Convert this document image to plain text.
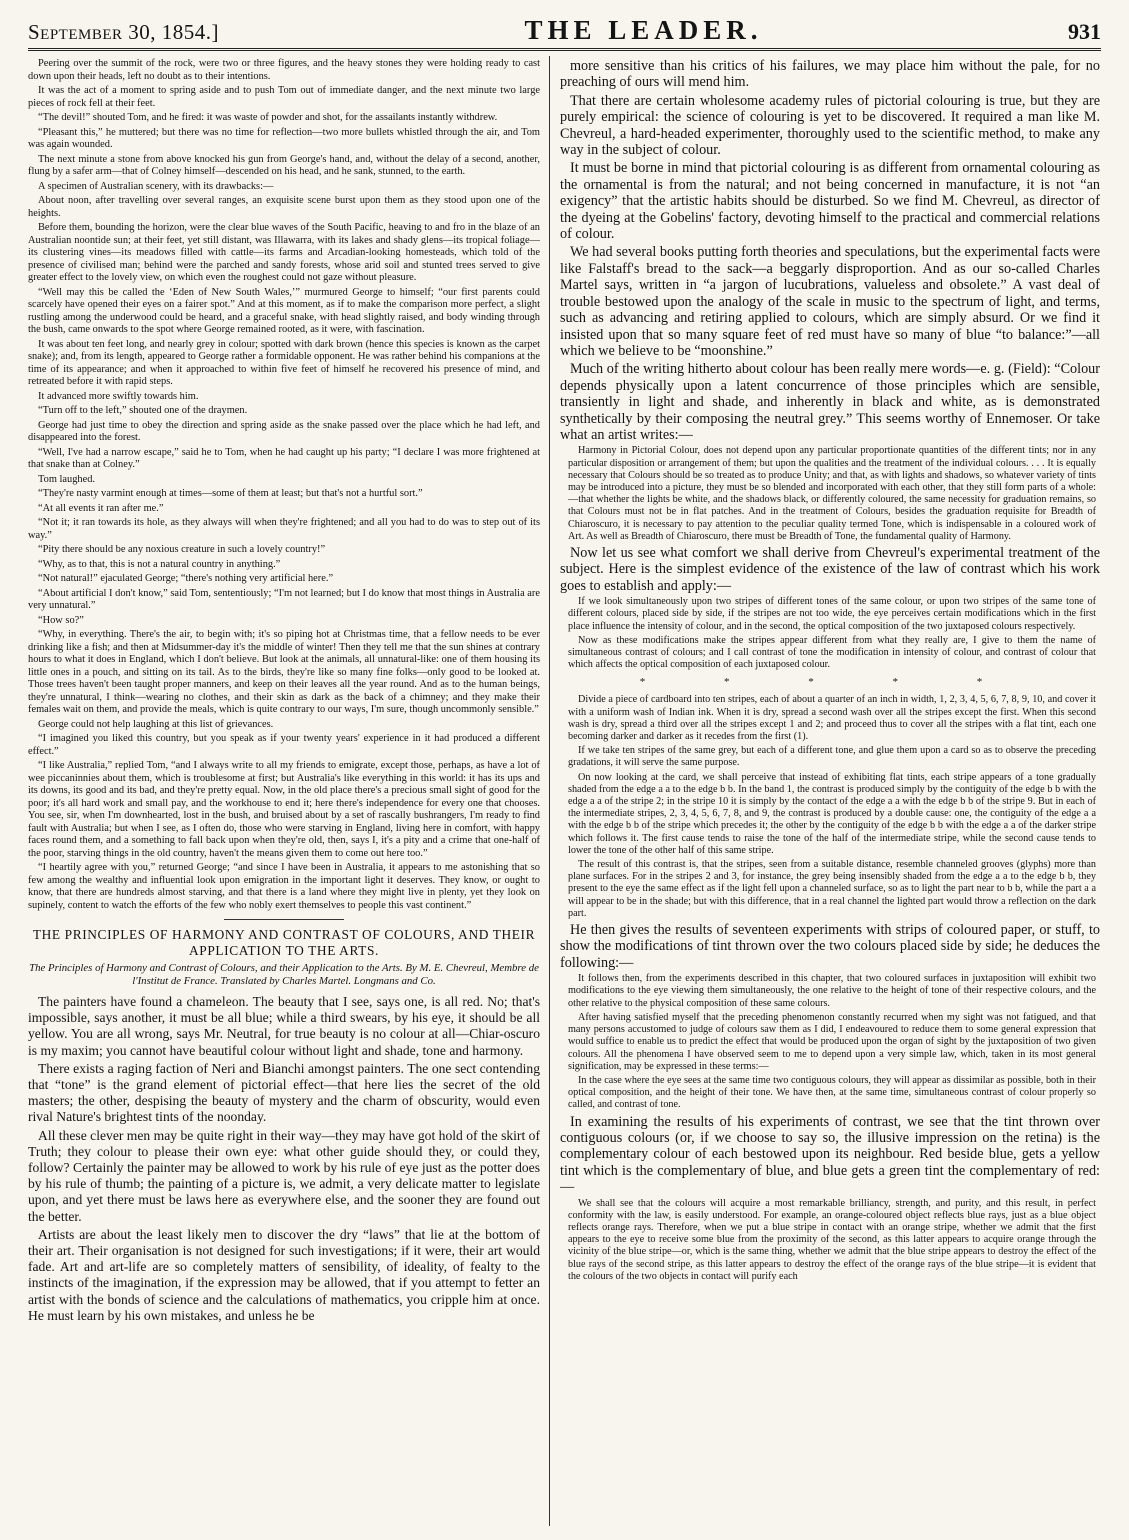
September 30, 1854.]	THE LEADER.	931

Peering over the summit of the rock, were two or three figures, and the heavy stones they were holding ready to cast down upon their heads, left no doubt as to their intentions.

It was the act of a moment to spring aside and to push Tom out of immediate danger, and the next minute two large pieces of rock fell at their feet.

“The devil!” shouted Tom, and he fired: it was waste of powder and shot, for the assailants instantly withdrew.

“Pleasant this,” he muttered; but there was no time for reflection—two more bullets whistled through the air, and Tom was again wounded.

The next minute a stone from above knocked his gun from George's hand, and, without the delay of a second, another, flung by a safer arm—that of Colney himself—descended on his head, and he sank, stunned, to the earth.

A specimen of Australian scenery, with its drawbacks:—

About noon, after travelling over several ranges, an exquisite scene burst upon them as they stood upon one of the heights.

Before them, bounding the horizon, were the clear blue waves of the South Pacific, heaving to and fro in the blaze of an Australian noontide sun; at their feet, yet still distant, was Illawarra, with its lakes and shady glens—its tropical foliage—its clustering vines—its meadows filled with cattle—its farms and Arcadian-looking homesteads, which told of the presence of civilised man; behind were the parched and sandy forests, whose arid soil and stunted trees served to give greater effect to the lovely view, on which even the roughest could not gaze without pleasure.

“Well may this be called the ‘Eden of New South Wales,’” murmured George to himself; “our first parents could scarcely have opened their eyes on a fairer spot.” And at this moment, as if to make the comparison more perfect, a slight rustling among the underwood could be heard, and a graceful snake, with head slightly raised, and body winding through the bush, came onwards to the spot where George remained rooted, as it were, with fascination.

It was about ten feet long, and nearly grey in colour; spotted with dark brown (hence this species is known as the carpet snake); and, from its length, appeared to George rather a formidable opponent. He was rather behind his companions at the time of its appearance; and when it approached to within five feet of himself he recovered his presence of mind, and retreated before it with rapid steps.

It advanced more swiftly towards him.

“Turn off to the left,” shouted one of the draymen.

George had just time to obey the direction and spring aside as the snake passed over the place which he had left, and disappeared into the forest.

“Well, I've had a narrow escape,” said he to Tom, when he had caught up his party; “I declare I was more frightened at that snake than at Colney.”

Tom laughed.

“They're nasty varmint enough at times—some of them at least; but that's not a hurtful sort.”

“At all events it ran after me.”

“Not it; it ran towards its hole, as they always will when they're frightened; and all you had to do was to step out of its way.”

“Pity there should be any noxious creature in such a lovely country!”

“Why, as to that, this is not a natural country in anything.”

“Not natural!” ejaculated George; “there's nothing very artificial here.”

“About artificial I don't know,” said Tom, sententiously; “I'm not learned; but I do know that most things in Australia are very unnatural.”

“How so?”

“Why, in everything. There's the air, to begin with; it's so piping hot at Christmas time, that a fellow needs to be ever drinking like a fish; and then at Midsummer-day it's the middle of winter! Then they tell me that the sun shines at contrary hours to what it does in England, which I don't believe. But look at the animals, all unnatural-like: one of them housing its little ones in a pouch, and sitting on its tail. As to the birds, they're like so many fine folks—only good to be looked at. Those trees haven't been taught proper manners, and keep on their leaves all the year round. And as to the human beings, they're unnatural, I think—wearing no clothes, and their skin as dark as the back of a chimney; and they make their females wait on them, and provide the meals, which is quite contrary to our ways, I'm sure, though uncommonly sensible.”

George could not help laughing at this list of grievances.

“I imagined you liked this country, but you speak as if your twenty years' experience in it had produced a different effect.”

“I like Australia,” replied Tom, “and I always write to all my friends to emigrate, except those, perhaps, as have a lot of wee piccaninnies about them, which is troublesome at first; but Australia's like everything in this world: it has its ups and its downs, its good and its bad, and they're pretty equal. Now, in the old place there's a precious small sight of good for the poor; it's all hard work and small pay, and the workhouse to end it; here there's independence for every one that chooses. You see, sir, when I'm downhearted, lost in the bush, and bruised about by a set of rascally bushrangers, I'm ready to find fault with Australia; but when I see, as I often do, those who were starving in England, living here in comfort, with happy faces round them, and a something to fall back upon when they're old, then, says I, it's a pity and a crime that one-half of the poor, starving things in the old country, haven't the means given them to come out here too.”

“I heartily agree with you,” returned George; “and since I have been in Australia, it appears to me astonishing that so few among the wealthy and influential look upon emigration in the important light it deserves. They know, or ought to know, that there are hundreds almost starving, and that there is a land where they might live in plenty, yet they look on supinely, content to watch the efforts of the few who nobly exert themselves to people this vast continent.”

THE PRINCIPLES OF HARMONY AND CONTRAST OF COLOURS, AND THEIR APPLICATION TO THE ARTS.
The Principles of Harmony and Contrast of Colours, and their Application to the Arts. By M. E. Chevreul, Membre de l'Institut de France. Translated by Charles Martel. Longmans and Co.

The painters have found a chameleon. The beauty that I see, says one, is all red. No; that's impossible, says another, it must be all blue; while a third swears, by his eye, it should be all yellow. You are all wrong, says Mr. Neutral, for true beauty is no colour at all—Chiar-oscuro is my maxim; you cannot have beautiful colour without light and shade, tone and harmony.

There exists a raging faction of Neri and Bianchi amongst painters. The one sect contending that “tone” is the grand element of pictorial effect—that here lies the secret of the old masters; the other, despising the beauty of mystery and the charm of obscurity, would even rival Nature's brightest tints of the noonday.

All these clever men may be quite right in their way—they may have got hold of the skirt of Truth; they colour to please their own eye: what other guide should they, or could they, follow? Certainly the painter may be allowed to work by his rule of eye just as the potter does by his rule of thumb; the painting of a picture is, we admit, a very delicate matter to legislate upon, and yet there must be laws here as everywhere else, and the sooner they are found out the better.

Artists are about the least likely men to discover the dry “laws” that lie at the bottom of their art. Their organisation is not designed for such investigations; if it were, their art would fade. Art and art-life are so completely matters of sensibility, of ideality, of fealty to the instincts of the imagination, if the expression may be allowed, that if you attempt to fetter an artist with the bonds of science and the calculations of mathematics, you cripple him at once. He must learn by his own mistakes, and unless he be

more sensitive than his critics of his failures, we may place him without the pale, for no preaching of ours will mend him.

That there are certain wholesome academy rules of pictorial colouring is true, but they are purely empirical: the science of colouring is yet to be discovered. It required a man like M. Chevreul, a hard-headed experimenter, thoroughly used to the scientific method, to make any way in the subject of colour.

It must be borne in mind that pictorial colouring is as different from ornamental colouring as the ornamental is from the natural; and not being concerned in manufacture, it is not “an exigency” that the artistic habits should be disturbed. So we find M. Chevreul, as director of the dyeing at the Gobelins' factory, devoting himself to the practical and commercial relations of colour.

We had several books putting forth theories and speculations, but the experimental facts were like Falstaff's bread to the sack—a beggarly disproportion. And as our so-called Charles Martel says, written in “a jargon of lucubrations, valueless and obsolete.” A vast deal of trouble bestowed upon the analogy of the scale in music to the spectrum of light, and terms, such as advancing and retiring applied to colours, which are simply absurd. Or we find it insisted upon that so many square feet of red must have so many of blue “to balance:”—all which we believe to be “moonshine.”

Much of the writing hitherto about colour has been really mere words—e. g. (Field): “Colour depends physically upon a latent concurrence of those principles which are sensible, transiently in light and shade, and inherently in black and white, as is demonstrated synthetically by their composing the neutral grey.” This seems worthy of Ennemoser. Or take what an artist writes:—

Harmony in Pictorial Colour, does not depend upon any particular proportionate quantities of the different tints; nor in any particular disposition or arrangement of them; but upon the qualities and the treatment of the individual colours. . . . It is equally necessary that Colours should be so treated as to produce Unity; and that, as with lights and shadows, so whatever variety of tints may be introduced into a picture, they must be so blended and incorporated with each other, that they still form parts of a whole:—that whether the lights be white, and the shadows black, or differently coloured, the same necessity for graduation remains, so that Colours must not be in flat patches. And in the treatment of Colours, besides the graduation requisite for Breadth of Chiaroscuro, it is necessary to pay attention to the peculiar quality termed Tone, which is indispensable in a coloured work of Art. As well as Breadth of Chiaroscuro, there must be Breadth of Tone, the fundamental quality of Harmony.

Now let us see what comfort we shall derive from Chevreul's experimental treatment of the subject. Here is the simplest evidence of the existence of the law of contrast which his work goes to establish and apply:—

If we look simultaneously upon two stripes of different tones of the same colour, or upon two stripes of the same tone of different colours, placed side by side, if the stripes are not too wide, the eye perceives certain modifications which in the first place influence the intensity of colour, and in the second, the optical composition of the two juxtaposed colours respectively.

Now as these modifications make the stripes appear different from what they really are, I give to them the name of simultaneous contrast of colours; and I call contrast of tone the modification in intensity of colour, and contrast of colour that which affects the optical composition of each juxtaposed colour.

* * * * *

Divide a piece of cardboard into ten stripes, each of about a quarter of an inch in width, 1, 2, 3, 4, 5, 6, 7, 8, 9, 10, and cover it with a uniform wash of Indian ink. When it is dry, spread a second wash over all the stripes except the first. When this second wash is dry, spread a third over all the stripes except 1 and 2; and proceed thus to cover all the stripes with a flat tint, each one becoming darker and darker as it recedes from the first (1).

If we take ten stripes of the same grey, but each of a different tone, and glue them upon a card so as to observe the preceding gradations, it will serve the same purpose.

On now looking at the card, we shall perceive that instead of exhibiting flat tints, each stripe appears of a tone gradually shaded from the edge a a to the edge b b. In the band 1, the contrast is produced simply by the contiguity of the edge b b with the edge a a of the stripe 2; in the stripe 10 it is simply by the contact of the edge a a with the edge b b of the stripe 9. But in each of the intermediate stripes, 2, 3, 4, 5, 6, 7, 8, and 9, the contrast is produced by a double cause: one, the contiguity of the edge a a with the edge b b of the stripe which precedes it; the other by the contiguity of the edge b b with the edge a a of the darker stripe which follows it. The first cause tends to raise the tone of the half of the intermediate stripe, while the second cause tends to lower the tone of the other half of this same stripe.

The result of this contrast is, that the stripes, seen from a suitable distance, resemble channeled grooves (glyphs) more than plane surfaces. For in the stripes 2 and 3, for instance, the grey being insensibly shaded from the edge a a to the edge b b, they present to the eye the same effect as if the light fell upon a channeled surface, so as to light the part near to b b, while the part a a will appear to be in the shade; but with this difference, that in a real channel the lighted part would throw a reflection on the dark part.

He then gives the results of seventeen experiments with strips of coloured paper, or stuff, to show the modifications of tint thrown over the two colours placed side by side; he deduces the following:—

It follows then, from the experiments described in this chapter, that two coloured surfaces in juxtaposition will exhibit two modifications to the eye viewing them simultaneously, the one relative to the height of tone of their respective colours, and the other relative to the physical composition of these same colours.

After having satisfied myself that the preceding phenomenon constantly recurred when my sight was not fatigued, and that many persons accustomed to judge of colours saw them as I did, I endeavoured to reduce them to some general expression that would suffice to enable us to predict the effect that would be produced upon the organ of sight by the juxtaposition of two given colours. All the phenomena I have observed seem to me to depend upon a very simple law, which, taken in its most general signification, may be expressed in these terms:—

In the case where the eye sees at the same time two contiguous colours, they will appear as dissimilar as possible, both in their optical composition, and the height of their tone. We have then, at the same time, simultaneous contrast of colour properly so called, and contrast of tone.

In examining the results of his experiments of contrast, we see that the tint thrown over contiguous colours (or, if we choose to say so, the illusive impression on the retina) is the complementary colour of each bestowed upon its neighbour. Red beside blue, gets a yellow tint which is the complementary of blue, and blue gets a green tint the complementary of red:—

We shall see that the colours will acquire a most remarkable brilliancy, strength, and purity, and this result, in perfect conformity with the law, is easily understood. For example, an orange-coloured object reflects blue rays, just as a blue object reflects orange rays. Therefore, when we put a blue stripe in contact with an orange stripe, whether we admit that the first appears to the eye to receive some blue from the proximity of the second, as this latter appears to acquire orange through the vicinity of the blue stripe—or, which is the same thing, whether we admit that the blue stripe appears to destroy the effect of the blue rays of the second stripe, as this latter appears to destroy the effect of the orange rays of the blue stripe—it is evident that the colours of the two objects in contact will purify each
